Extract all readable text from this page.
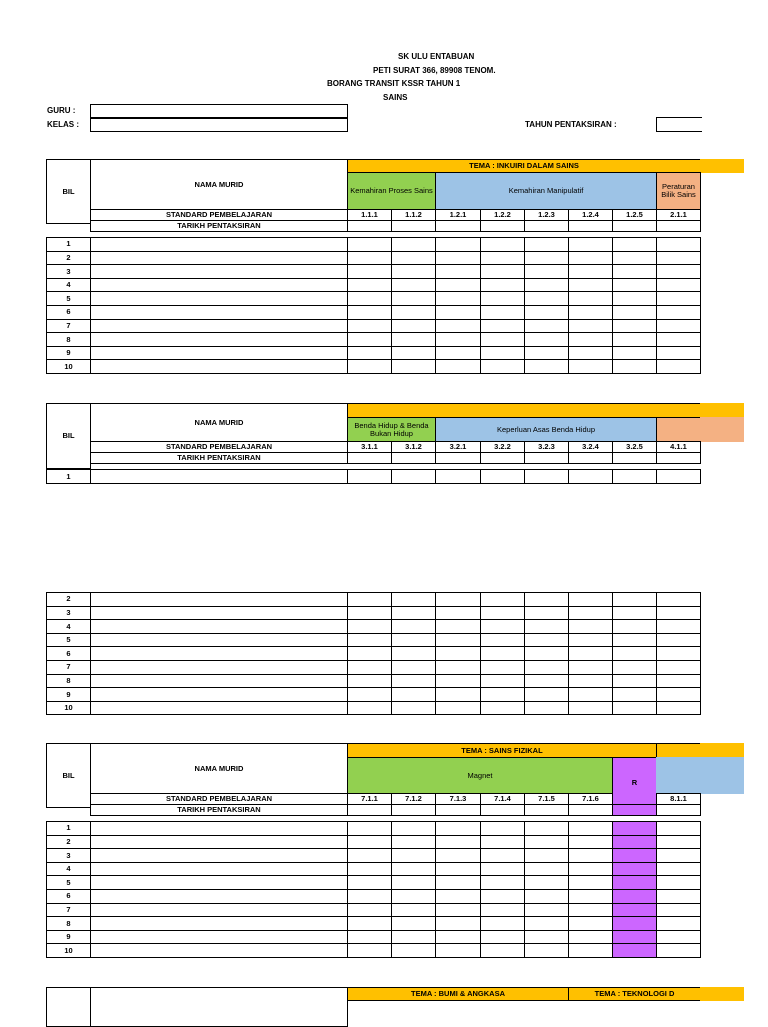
SK ULU ENTABUAN
PETI SURAT 366, 89908 TENOM.
BORANG TRANSIT KSSR TAHUN 1
SAINS
GURU :
KELAS :	TAHUN PENTAKSIRAN :
BIL
NAMA MURID
TEMA : INKUIRI DALAM SAINS
Kemahiran Proses Sains	Kemahiran Manipulatif	Peraturan Bilik Sains
STANDARD PEMBELAJARAN	1.1.1	1.1.2	1.2.1	1.2.2	1.2.3	1.2.4	1.2.5	2.1.1
TARIKH PENTAKSIRAN
1
2
3
4
5
6
7
8
9
10
BIL
NAMA MURID	Benda Hidup & Benda Bukan Hidup	Keperluan Asas Benda Hidup
STANDARD PEMBELAJARAN	3.1.1	3.1.2	3.2.1	3.2.2	3.2.3	3.2.4	3.2.5	4.1.1
TARIKH PENTAKSIRAN
1
2
3
4
5
6
7
8
9
10
BIL
NAMA MURID
TEMA : SAINS FIZIKAL
Magnet
R
STANDARD PEMBELAJARAN	7.1.1	7.1.2	7.1.3	7.1.4	7.1.5	7.1.6	8.1.1
TARIKH PENTAKSIRAN
1
2
3
4
5
6
7
8
9
10
TEMA : BUMI & ANGKASA	TEMA : TEKNOLOGI D
